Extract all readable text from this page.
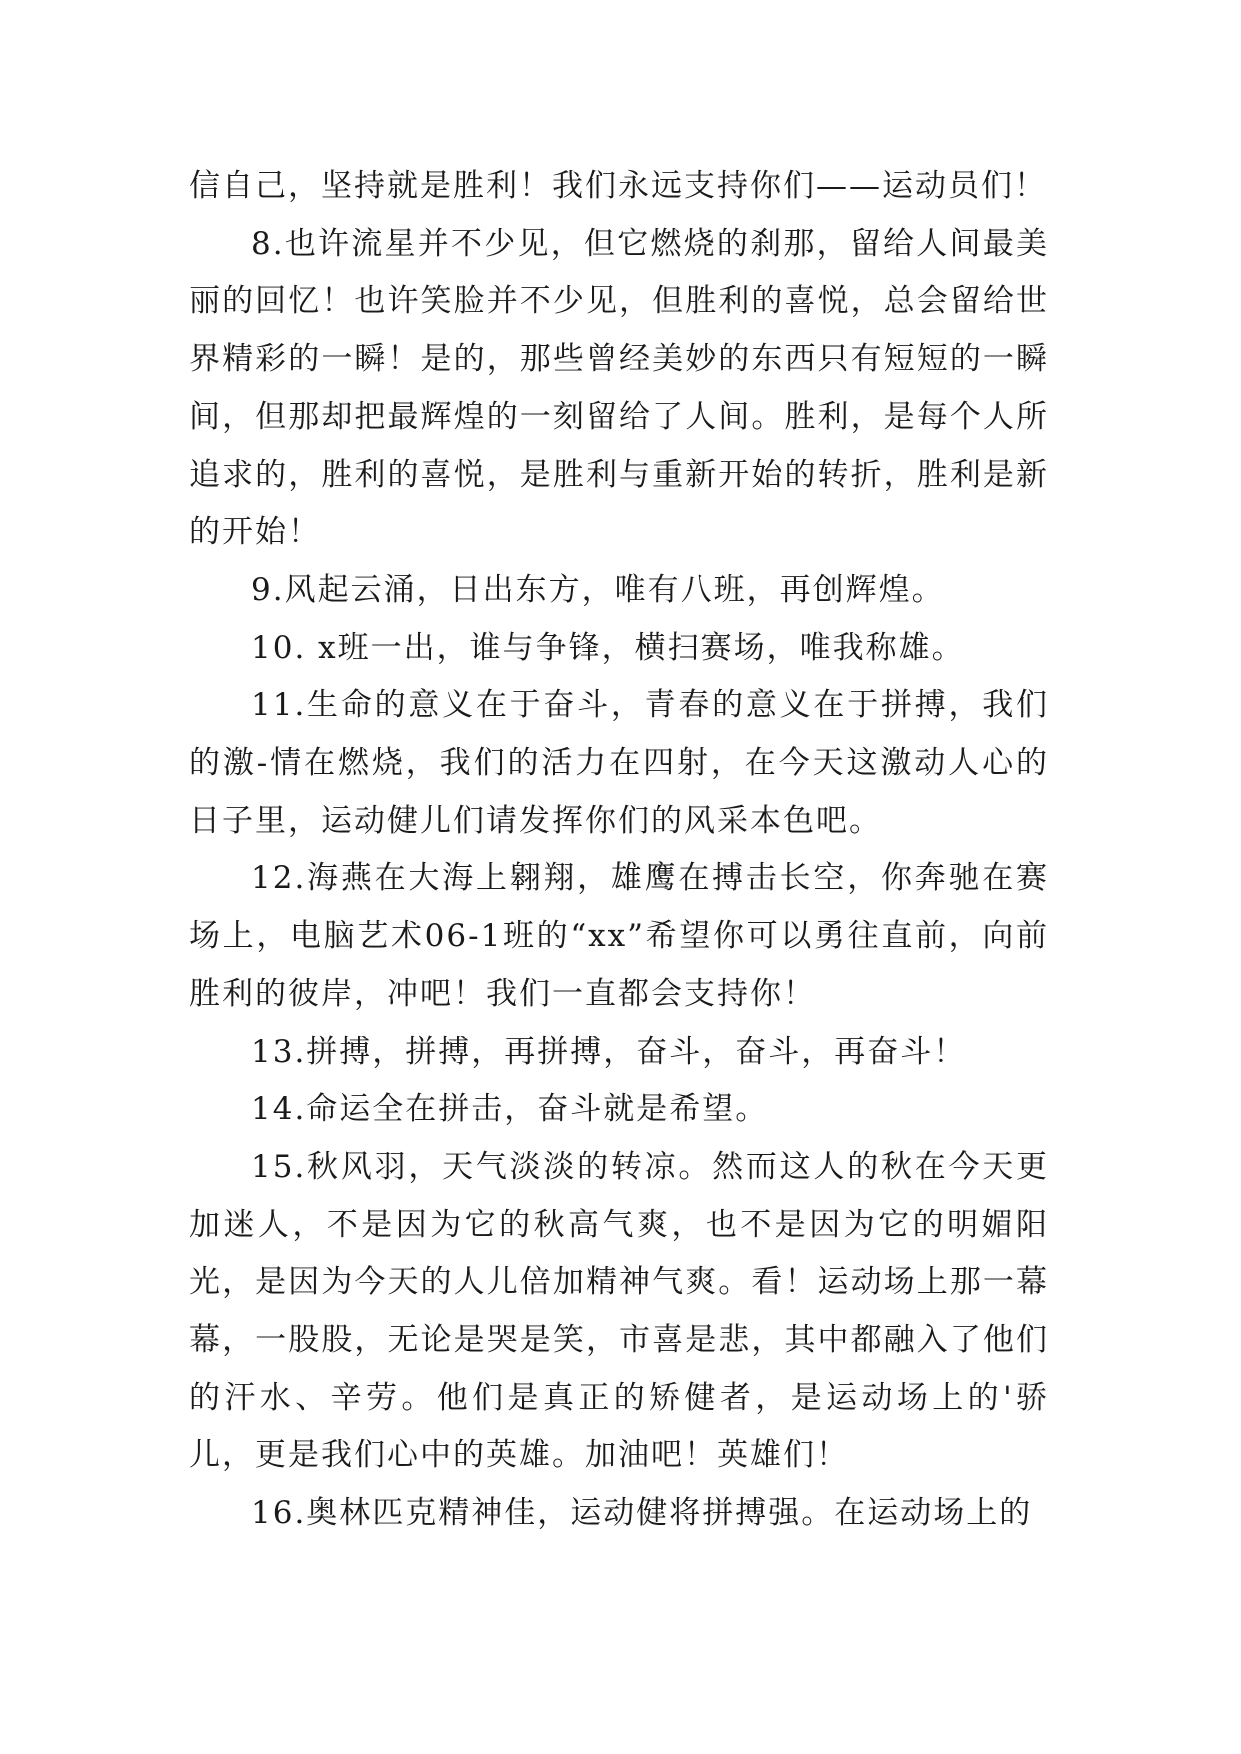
信自己，坚持就是胜利！我们永远支持你们——运动员们！

8.也许流星并不少见，但它燃烧的刹那，留给人间最美丽的回忆！也许笑脸并不少见，但胜利的喜悦，总会留给世界精彩的一瞬！是的，那些曾经美妙的东西只有短短的一瞬间，但那却把最辉煌的一刻留给了人间。胜利，是每个人所追求的，胜利的喜悦，是胜利与重新开始的转折，胜利是新的开始！

9.风起云涌，日出东方，唯有八班，再创辉煌。

10. x班一出，谁与争锋，横扫赛场，唯我称雄。

11.生命的意义在于奋斗，青春的意义在于拼搏，我们的激-情在燃烧，我们的活力在四射，在今天这激动人心的日子里，运动健儿们请发挥你们的风采本色吧。

12.海燕在大海上翱翔，雄鹰在搏击长空，你奔驰在赛场上，电脑艺术06-1班的“xx”希望你可以勇往直前，向前胜利的彼岸，冲吧！我们一直都会支持你！

13.拼搏，拼搏，再拼搏，奋斗，奋斗，再奋斗！

14.命运全在拼击，奋斗就是希望。

15.秋风羽，天气淡淡的转凉。然而这人的秋在今天更加迷人，不是因为它的秋高气爽，也不是因为它的明媚阳光，是因为今天的人儿倍加精神气爽。看！运动场上那一幕幕，一股股，无论是哭是笑，市喜是悲，其中都融入了他们的汗水、辛劳。他们是真正的矫健者，是运动场上的'骄儿，更是我们心中的英雄。加油吧！英雄们！

16.奥林匹克精神佳，运动健将拼搏强。在运动场上的
